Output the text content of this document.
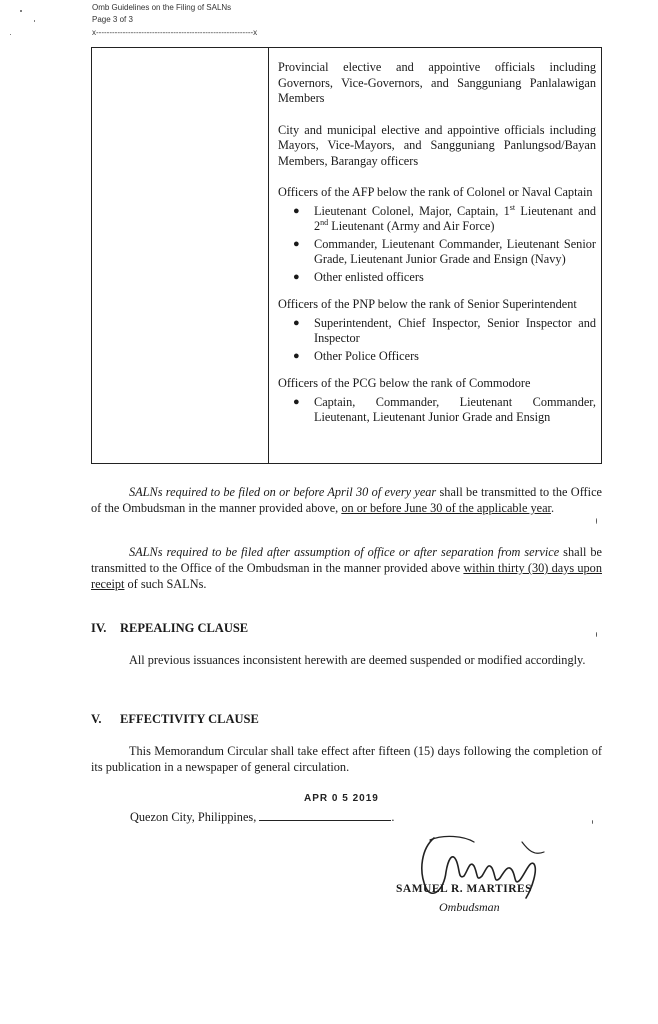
Omb Guidelines on the Filing of SALNs
Page 3 of 3
x-----------------------------------------------------------x

Provincial elective and appointive officials including Governors, Vice-Governors, and Sangguniang Panlalawigan Members

City and municipal elective and appointive officials including Mayors, Vice-Mayors, and Sangguniang Panlungsod/Bayan Members, Barangay officers

Officers of the AFP below the rank of Colonel or Naval Captain
● Lieutenant Colonel, Major, Captain, 1st Lieutenant and 2nd Lieutenant (Army and Air Force)
● Commander, Lieutenant Commander, Lieutenant Senior Grade, Lieutenant Junior Grade and Ensign (Navy)
● Other enlisted officers
Officers of the PNP below the rank of Senior Superintendent
● Superintendent, Chief Inspector, Senior Inspector and Inspector
● Other Police Officers
Officers of the PCG below the rank of Commodore
● Captain, Commander, Lieutenant Commander, Lieutenant, Lieutenant Junior Grade and Ensign

SALNs required to be filed on or before April 30 of every year shall be transmitted to the Office of the Ombudsman in the manner provided above, on or before June 30 of the applicable year.

SALNs required to be filed after assumption of office or after separation from service shall be transmitted to the Office of the Ombudsman in the manner provided above within thirty (30) days upon receipt of such SALNs.

IV. REPEALING CLAUSE

All previous issuances inconsistent herewith are deemed suspended or modified accordingly.

V. EFFECTIVITY CLAUSE

This Memorandum Circular shall take effect after fifteen (15) days following the completion of its publication in a newspaper of general circulation.

APR 0 5 2019

Quezon City, Philippines,	.

SAMUEL R. MARTIRES
Ombudsman
